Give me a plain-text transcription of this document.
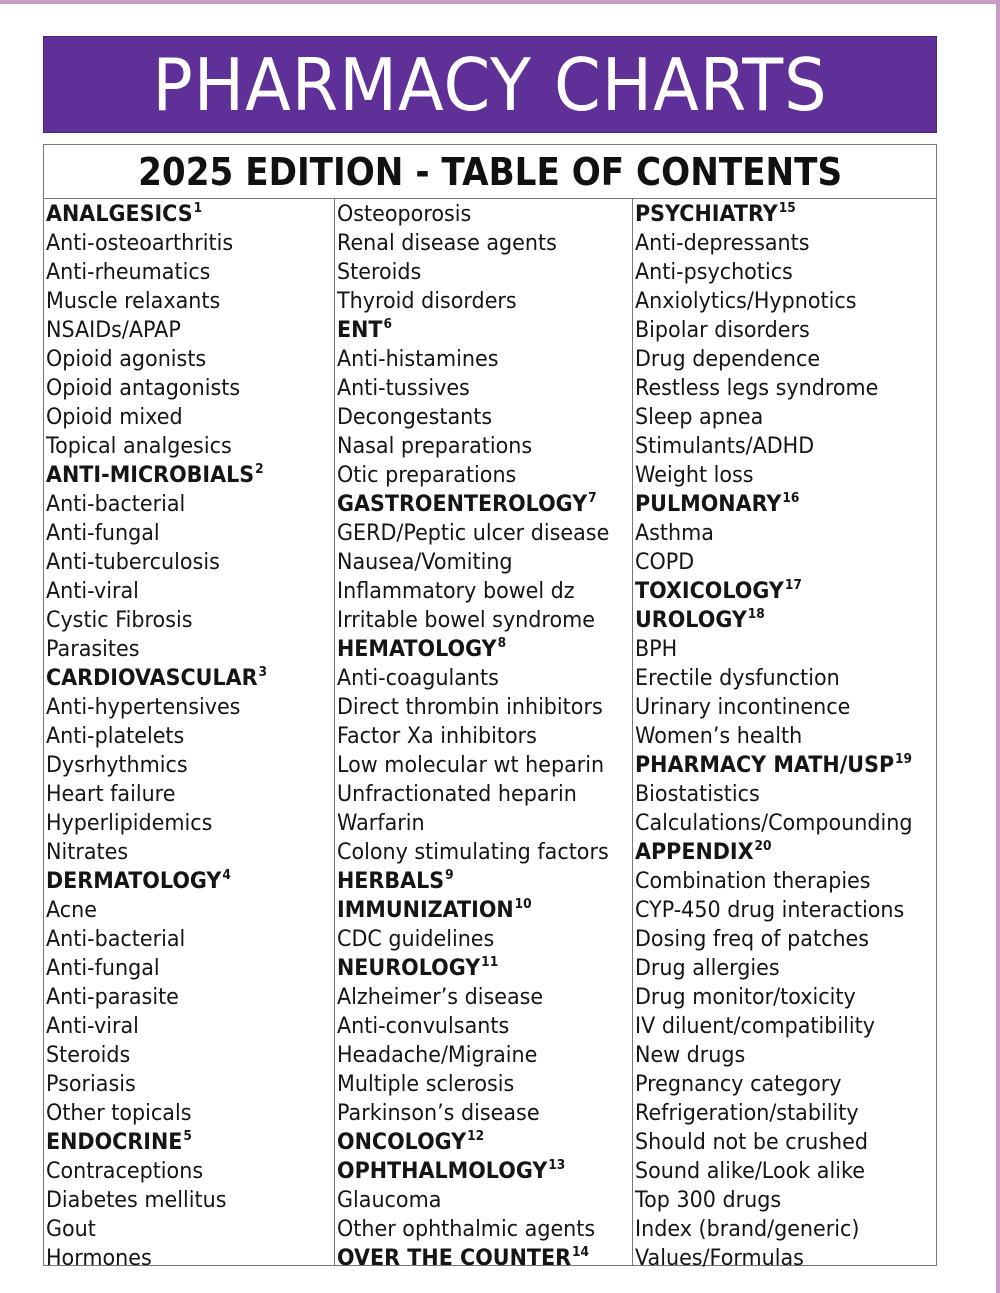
PHARMACY CHARTS
2025 EDITION - TABLE OF CONTENTS
ANALGESICS$^1$
Anti-osteoarthritis
Anti-rheumatics
Muscle relaxants
NSAIDs/APAP
Opioid agonists
Opioid antagonists
Opioid mixed
Topical analgesics
ANTI-MICROBIALS$^2$
Anti-bacterial
Anti-fungal
Anti-tuberculosis
Anti-viral
Cystic Fibrosis
Parasites
CARDIOVASCULAR$^3$
Anti-hypertensives
Anti-platelets
Dysrhythmics
Heart failure
Hyperlipidemics
Nitrates
DERMATOLOGY$^4$
Acne
Anti-bacterial
Anti-fungal
Anti-parasite
Anti-viral
Steroids
Psoriasis
Other topicals
ENDOCRINE$^5$
Contraceptions
Diabetes mellitus
Gout
Hormones
Osteoporosis
Renal disease agents
Steroids
Thyroid disorders
ENT$^6$
Anti-histamines
Anti-tussives
Decongestants
Nasal preparations
Otic preparations
GASTROENTEROLOGY$^7$
GERD/Peptic ulcer disease
Nausea/Vomiting
Inflammatory bowel dz
Irritable bowel syndrome
HEMATOLOGY$^8$
Anti-coagulants
Direct thrombin inhibitors
Factor Xa inhibitors
Low molecular wt heparin
Unfractionated heparin
Warfarin
Colony stimulating factors
HERBALS$^9$
IMMUNIZATION$^{10}$
CDC guidelines
NEUROLOGY$^{11}$
Alzheimer’s disease
Anti-convulsants
Headache/Migraine
Multiple sclerosis
Parkinson’s disease
ONCOLOGY$^{12}$
OPHTHALMOLOGY$^{13}$
Glaucoma
Other ophthalmic agents
OVER THE COUNTER$^{14}$
PSYCHIATRY$^{15}$
Anti-depressants
Anti-psychotics
Anxiolytics/Hypnotics
Bipolar disorders
Drug dependence
Restless legs syndrome
Sleep apnea
Stimulants/ADHD
Weight loss
PULMONARY$^{16}$
Asthma
COPD
TOXICOLOGY$^{17}$
UROLOGY$^{18}$
BPH
Erectile dysfunction
Urinary incontinence
Women’s health
PHARMACY MATH/USP$^{19}$
Biostatistics
Calculations/Compounding
APPENDIX$^{20}$
Combination therapies
CYP-450 drug interactions
Dosing freq of patches
Drug allergies
Drug monitor/toxicity
IV diluent/compatibility
New drugs
Pregnancy category
Refrigeration/stability
Should not be crushed
Sound alike/Look alike
Top 300 drugs
Index (brand/generic)
Values/Formulas
